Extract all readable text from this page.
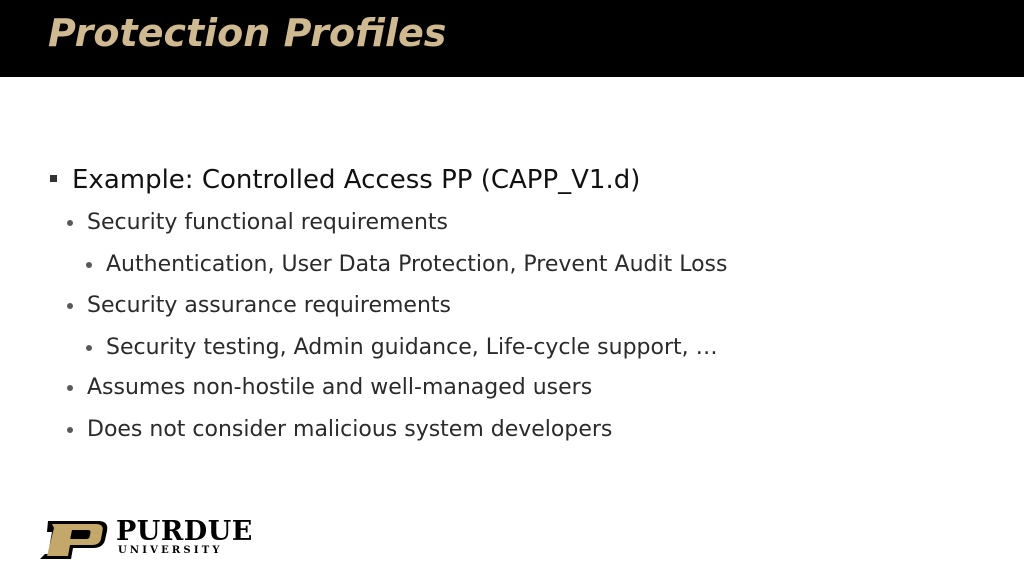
Protection Profiles
Example: Controlled Access PP (CAPP_V1.d)
Security functional requirements
Authentication, User Data Protection, Prevent Audit Loss
Security assurance requirements
Security testing, Admin guidance, Life-cycle support, …
Assumes non-hostile and well-managed users
Does not consider malicious system developers
PURDUE
UNIVERSITY
